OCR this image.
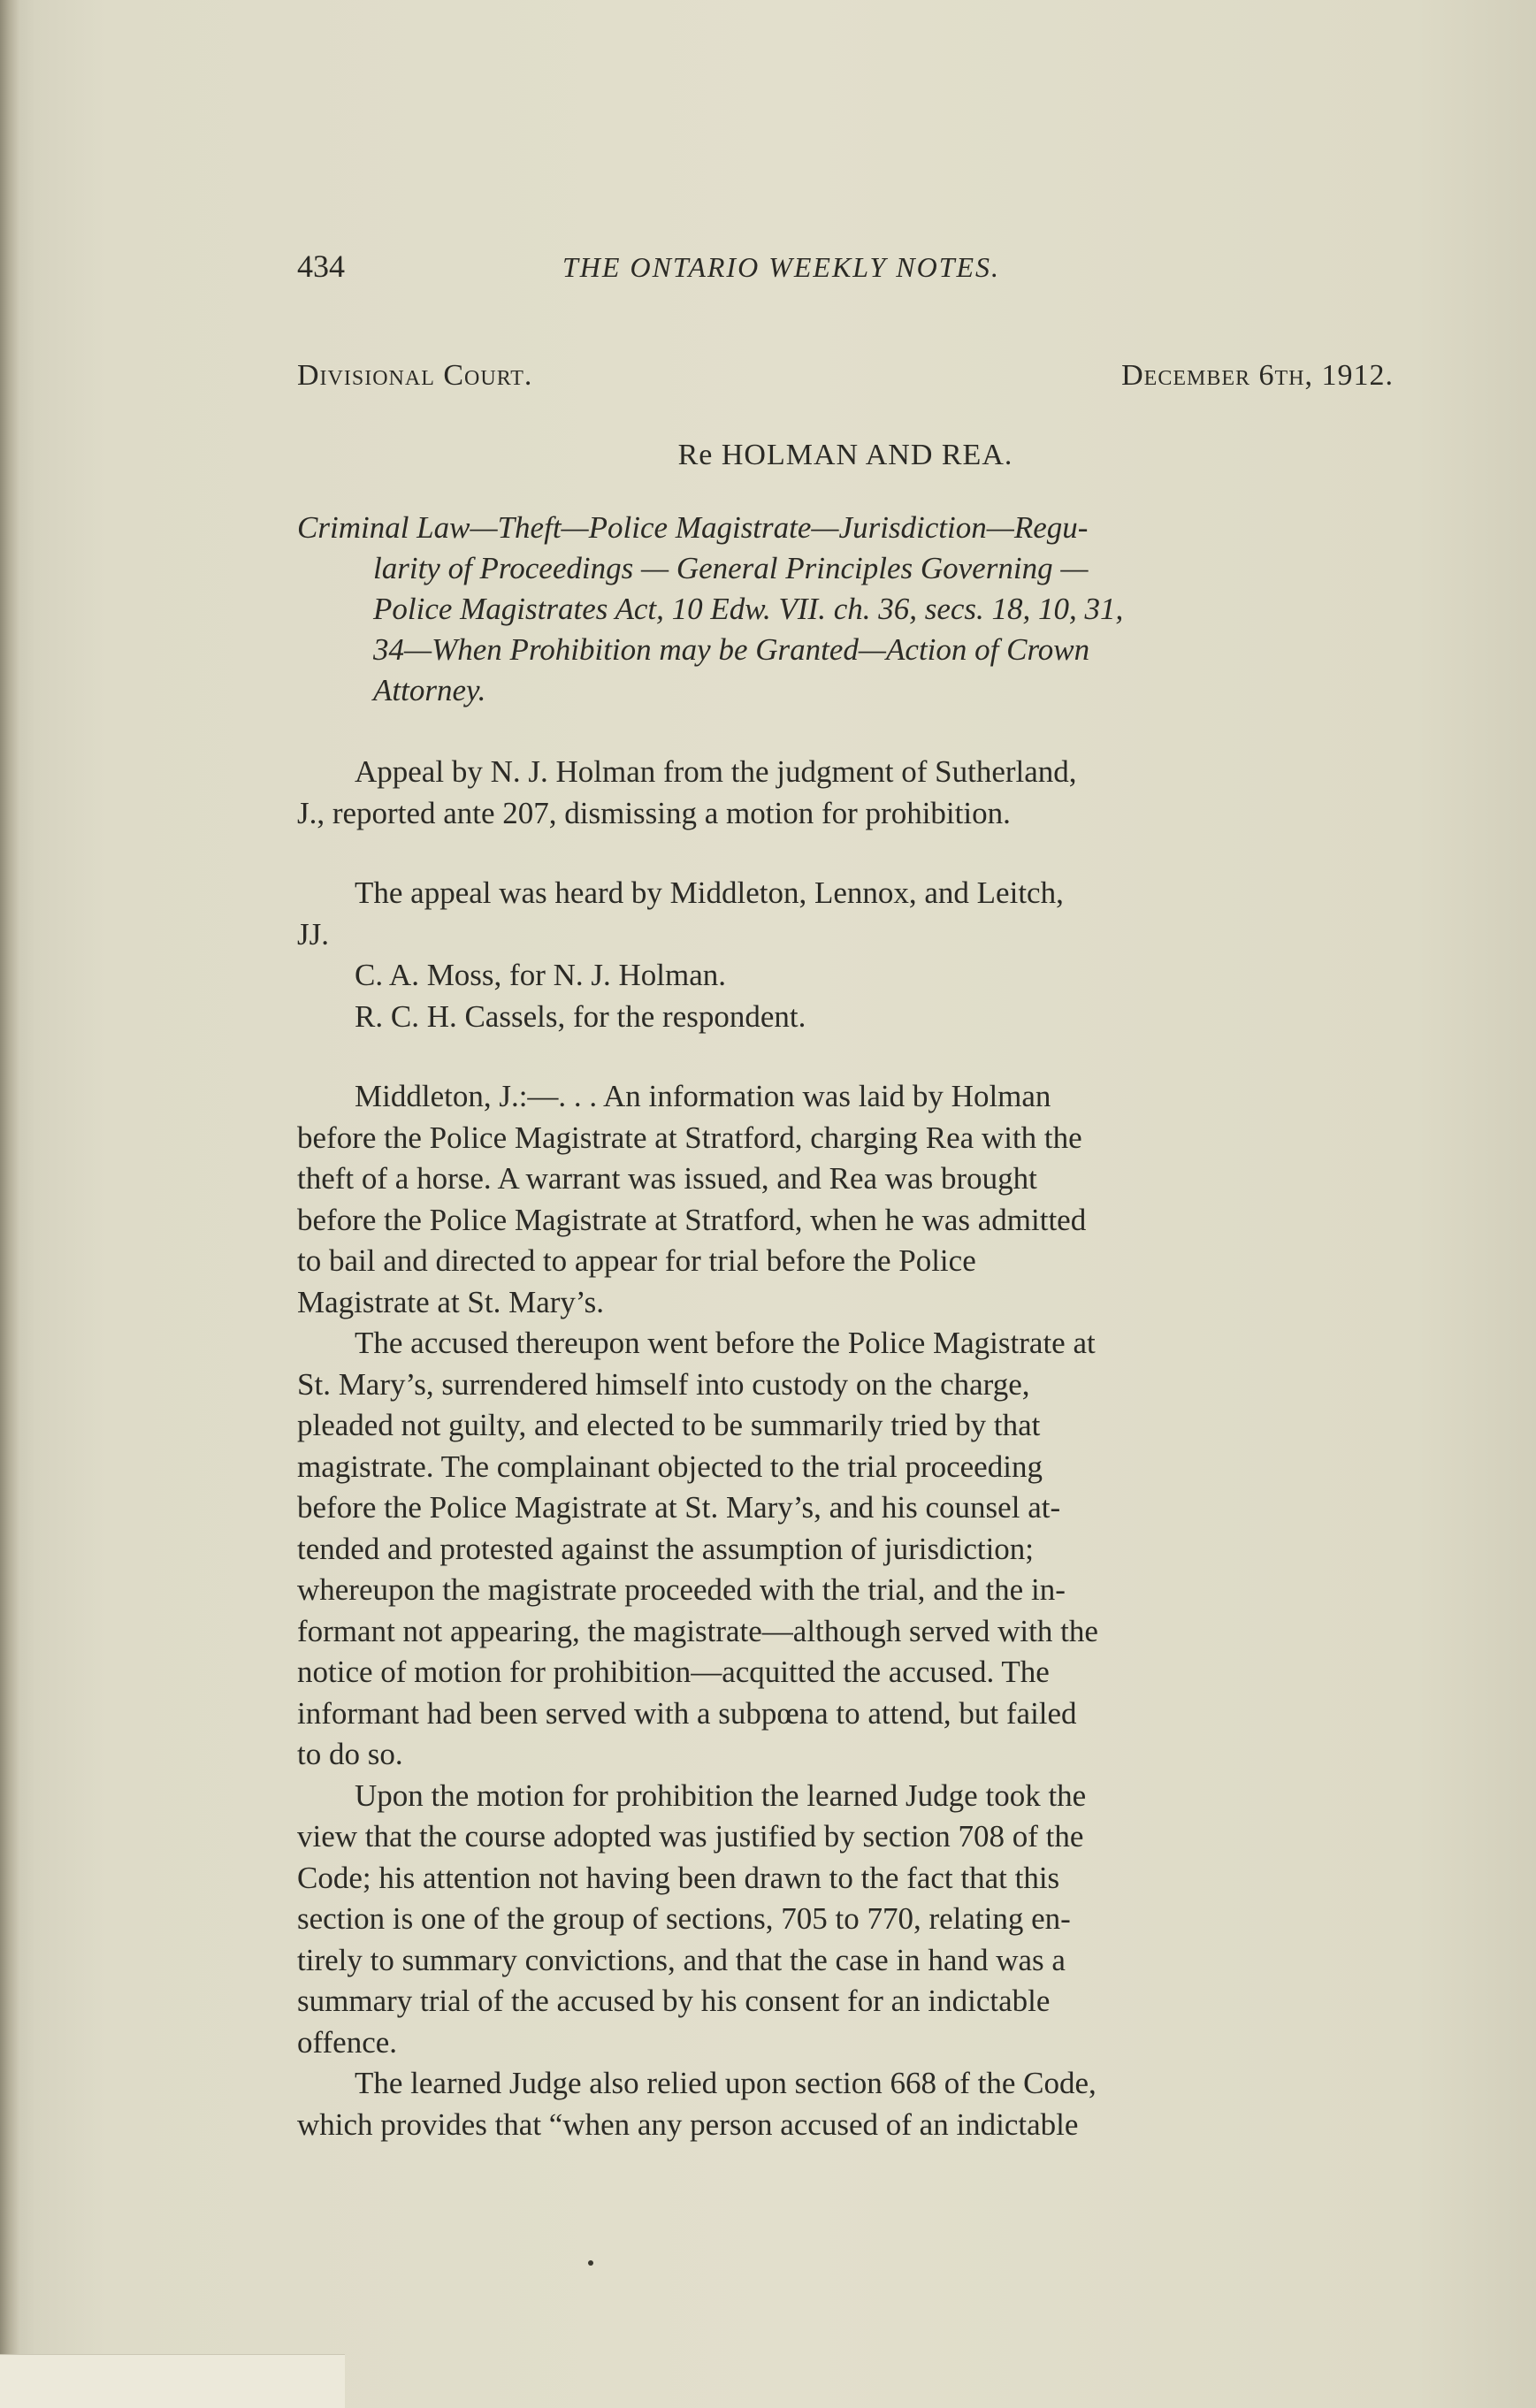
434	THE ONTARIO WEEKLY NOTES.
Divisional Court.	December 6th, 1912.
Re HOLMAN AND REA.
Criminal Law—Theft—Police Magistrate—Jurisdiction—Regu-
larity of Proceedings — General Principles Governing —
Police Magistrates Act, 10 Edw. VII. ch. 36, secs. 18, 10, 31,
34—When Prohibition may be Granted—Action of Crown
Attorney.
Appeal by N. J. Holman from the judgment of Sutherland,
J., reported ante 207, dismissing a motion for prohibition.
The appeal was heard by Middleton, Lennox, and Leitch,
JJ.
C. A. Moss, for N. J. Holman.
R. C. H. Cassels, for the respondent.
Middleton, J.:—. . . An information was laid by Holman
before the Police Magistrate at Stratford, charging Rea with the
theft of a horse. A warrant was issued, and Rea was brought
before the Police Magistrate at Stratford, when he was admitted
to bail and directed to appear for trial before the Police
Magistrate at St. Mary’s.
The accused thereupon went before the Police Magistrate at
St. Mary’s, surrendered himself into custody on the charge,
pleaded not guilty, and elected to be summarily tried by that
magistrate. The complainant objected to the trial proceeding
before the Police Magistrate at St. Mary’s, and his counsel at-
tended and protested against the assumption of jurisdiction;
whereupon the magistrate proceeded with the trial, and the in-
formant not appearing, the magistrate—although served with the
notice of motion for prohibition—acquitted the accused. The
informant had been served with a subpœna to attend, but failed
to do so.
Upon the motion for prohibition the learned Judge took the
view that the course adopted was justified by section 708 of the
Code; his attention not having been drawn to the fact that this
section is one of the group of sections, 705 to 770, relating en-
tirely to summary convictions, and that the case in hand was a
summary trial of the accused by his consent for an indictable
offence.
The learned Judge also relied upon section 668 of the Code,
which provides that “when any person accused of an indictable
